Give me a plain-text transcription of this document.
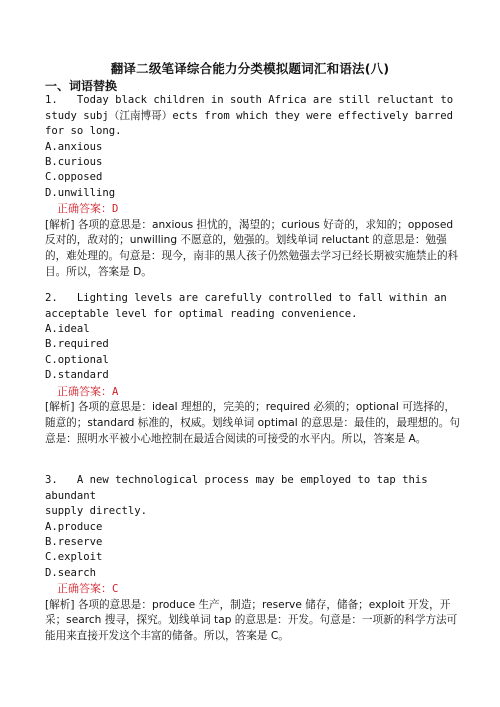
翻译二级笔译综合能力分类模拟题词汇和语法(八)
一、词语替换

1.   Today black children in south Africa are still reluctant to
study subj（江南博哥）ects from which they were effectively barred
for so long.

A.anxious

B.curious

C.opposed

D.unwilling

正确答案：D

[解析] 各项的意思是：anxious 担忧的，渴望的；curious 好奇的，求知的；opposed 反对的，敌对的；unwilling 不愿意的，勉强的。划线单词 reluctant 的意思是：勉强的，难处理的。句意是：现今，南非的黑人孩子仍然勉强去学习已经长期被实施禁止的科目。所以，答案是 D。

2.   Lighting levels are carefully controlled to fall within an
acceptable level for optimal reading convenience.

A.ideal

B.required

C.optional

D.standard

正确答案：A

[解析] 各项的意思是：ideal 理想的，完美的；required 必须的；optional 可选择的，随意的；standard 标准的，权威。划线单词 optimal 的意思是：最佳的，最理想的。句意是：照明水平被小心地控制在最适合阅读的可接受的水平内。所以，答案是 A。

3.   A new technological process may be employed to tap this abundant
supply directly.

A.produce

B.reserve

C.exploit

D.search

正确答案：C

[解析] 各项的意思是：produce 生产，制造；reserve 储存，储备；exploit 开发，开采；search 搜寻，探究。划线单词 tap 的意思是：开发。句意是：一项新的科学方法可能用来直接开发这个丰富的储备。所以，答案是 C。
